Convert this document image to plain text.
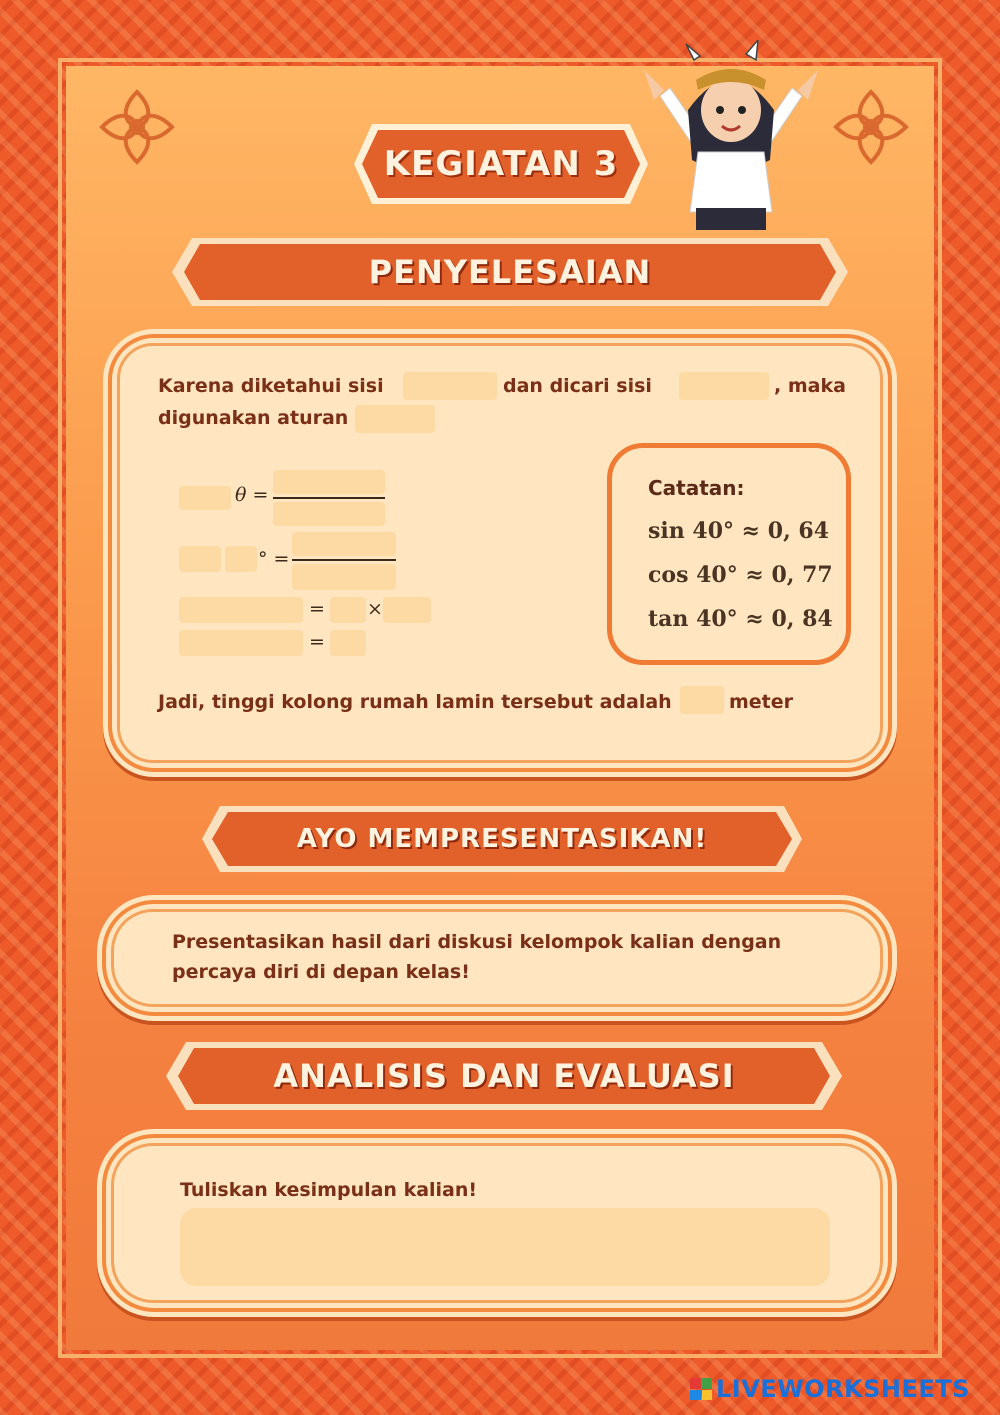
KEGIATAN 3
PENYELESAIAN
Karena diketahui sisi	dan dicari sisi	, maka
digunakan aturan
θ =
° =
= ×
=
Catatan:
sin 40° ≈ 0, 64
cos 40° ≈ 0, 77
tan 40° ≈ 0, 84
Jadi, tinggi kolong rumah lamin tersebut adalah	meter
AYO MEMPRESENTASIKAN!
Presentasikan hasil dari diskusi kelompok kalian dengan
percaya diri di depan kelas!
ANALISIS DAN EVALUASI
Tuliskan kesimpulan kalian!
LIVEWORKSHEETS
